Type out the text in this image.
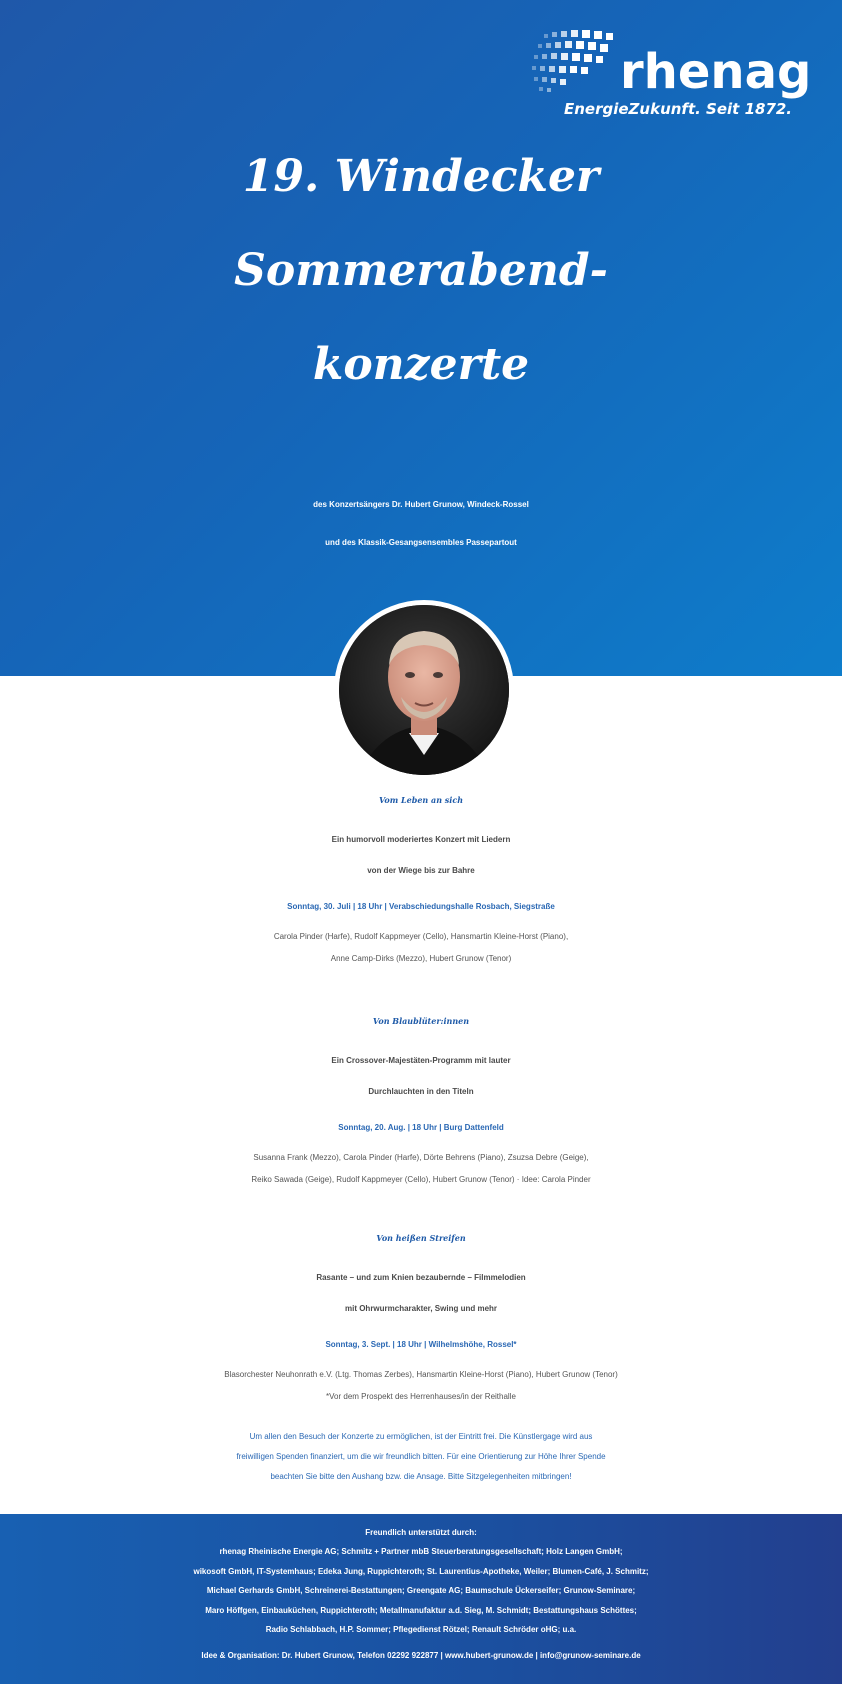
rhenag
EnergieZukunft. Seit 1872.
19. Windecker
Sommerabend-
konzerte
des Konzertsängers Dr. Hubert Grunow, Windeck-Rossel
und des Klassik-Gesangsensembles Passepartout
Vom Leben an sich
Ein humorvoll moderiertes Konzert mit Liedern
von der Wiege bis zur Bahre
Sonntag, 30. Juli | 18 Uhr | Verabschiedungshalle Rosbach, Siegstraße
Carola Pinder (Harfe), Rudolf Kappmeyer (Cello), Hansmartin Kleine-Horst (Piano),
Anne Camp-Dirks (Mezzo), Hubert Grunow (Tenor)
Von Blaublüter:innen
Ein Crossover-Majestäten-Programm mit lauter
Durchlauchten in den Titeln
Sonntag, 20. Aug. | 18 Uhr | Burg Dattenfeld
Susanna Frank (Mezzo), Carola Pinder (Harfe), Dörte Behrens (Piano), Zsuzsa Debre (Geige),
Reiko Sawada (Geige), Rudolf Kappmeyer (Cello), Hubert Grunow (Tenor) · Idee: Carola Pinder
Von heißen Streifen
Rasante – und zum Knien bezaubernde – Filmmelodien
mit Ohrwurmcharakter, Swing und mehr
Sonntag, 3. Sept. | 18 Uhr | Wilhelmshöhe, Rossel*
Blasorchester Neuhonrath e.V. (Ltg. Thomas Zerbes), Hansmartin Kleine-Horst (Piano), Hubert Grunow (Tenor)
*Vor dem Prospekt des Herrenhauses/in der Reithalle
Um allen den Besuch der Konzerte zu ermöglichen, ist der Eintritt frei. Die Künstlergage wird aus
freiwilligen Spenden finanziert, um die wir freundlich bitten. Für eine Orientierung zur Höhe Ihrer Spende
beachten Sie bitte den Aushang bzw. die Ansage. Bitte Sitzgelegenheiten mitbringen!
Freundlich unterstützt durch:
rhenag Rheinische Energie AG; Schmitz + Partner mbB Steuerberatungsgesellschaft; Holz Langen GmbH;
wikosoft GmbH, IT-Systemhaus; Edeka Jung, Ruppichteroth; St. Laurentius-Apotheke, Weiler; Blumen-Café, J. Schmitz;
Michael Gerhards GmbH, Schreinerei-Bestattungen; Greengate AG; Baumschule Ückerseifer; Grunow-Seminare;
Maro Höffgen, Einbauküchen, Ruppichteroth; Metallmanufaktur a.d. Sieg, M. Schmidt; Bestattungshaus Schöttes;
Radio Schlabbach, H.P. Sommer; Pflegedienst Rötzel; Renault Schröder oHG; u.a.
Idee & Organisation: Dr. Hubert Grunow, Telefon 02292 922877 | www.hubert-grunow.de | info@grunow-seminare.de
